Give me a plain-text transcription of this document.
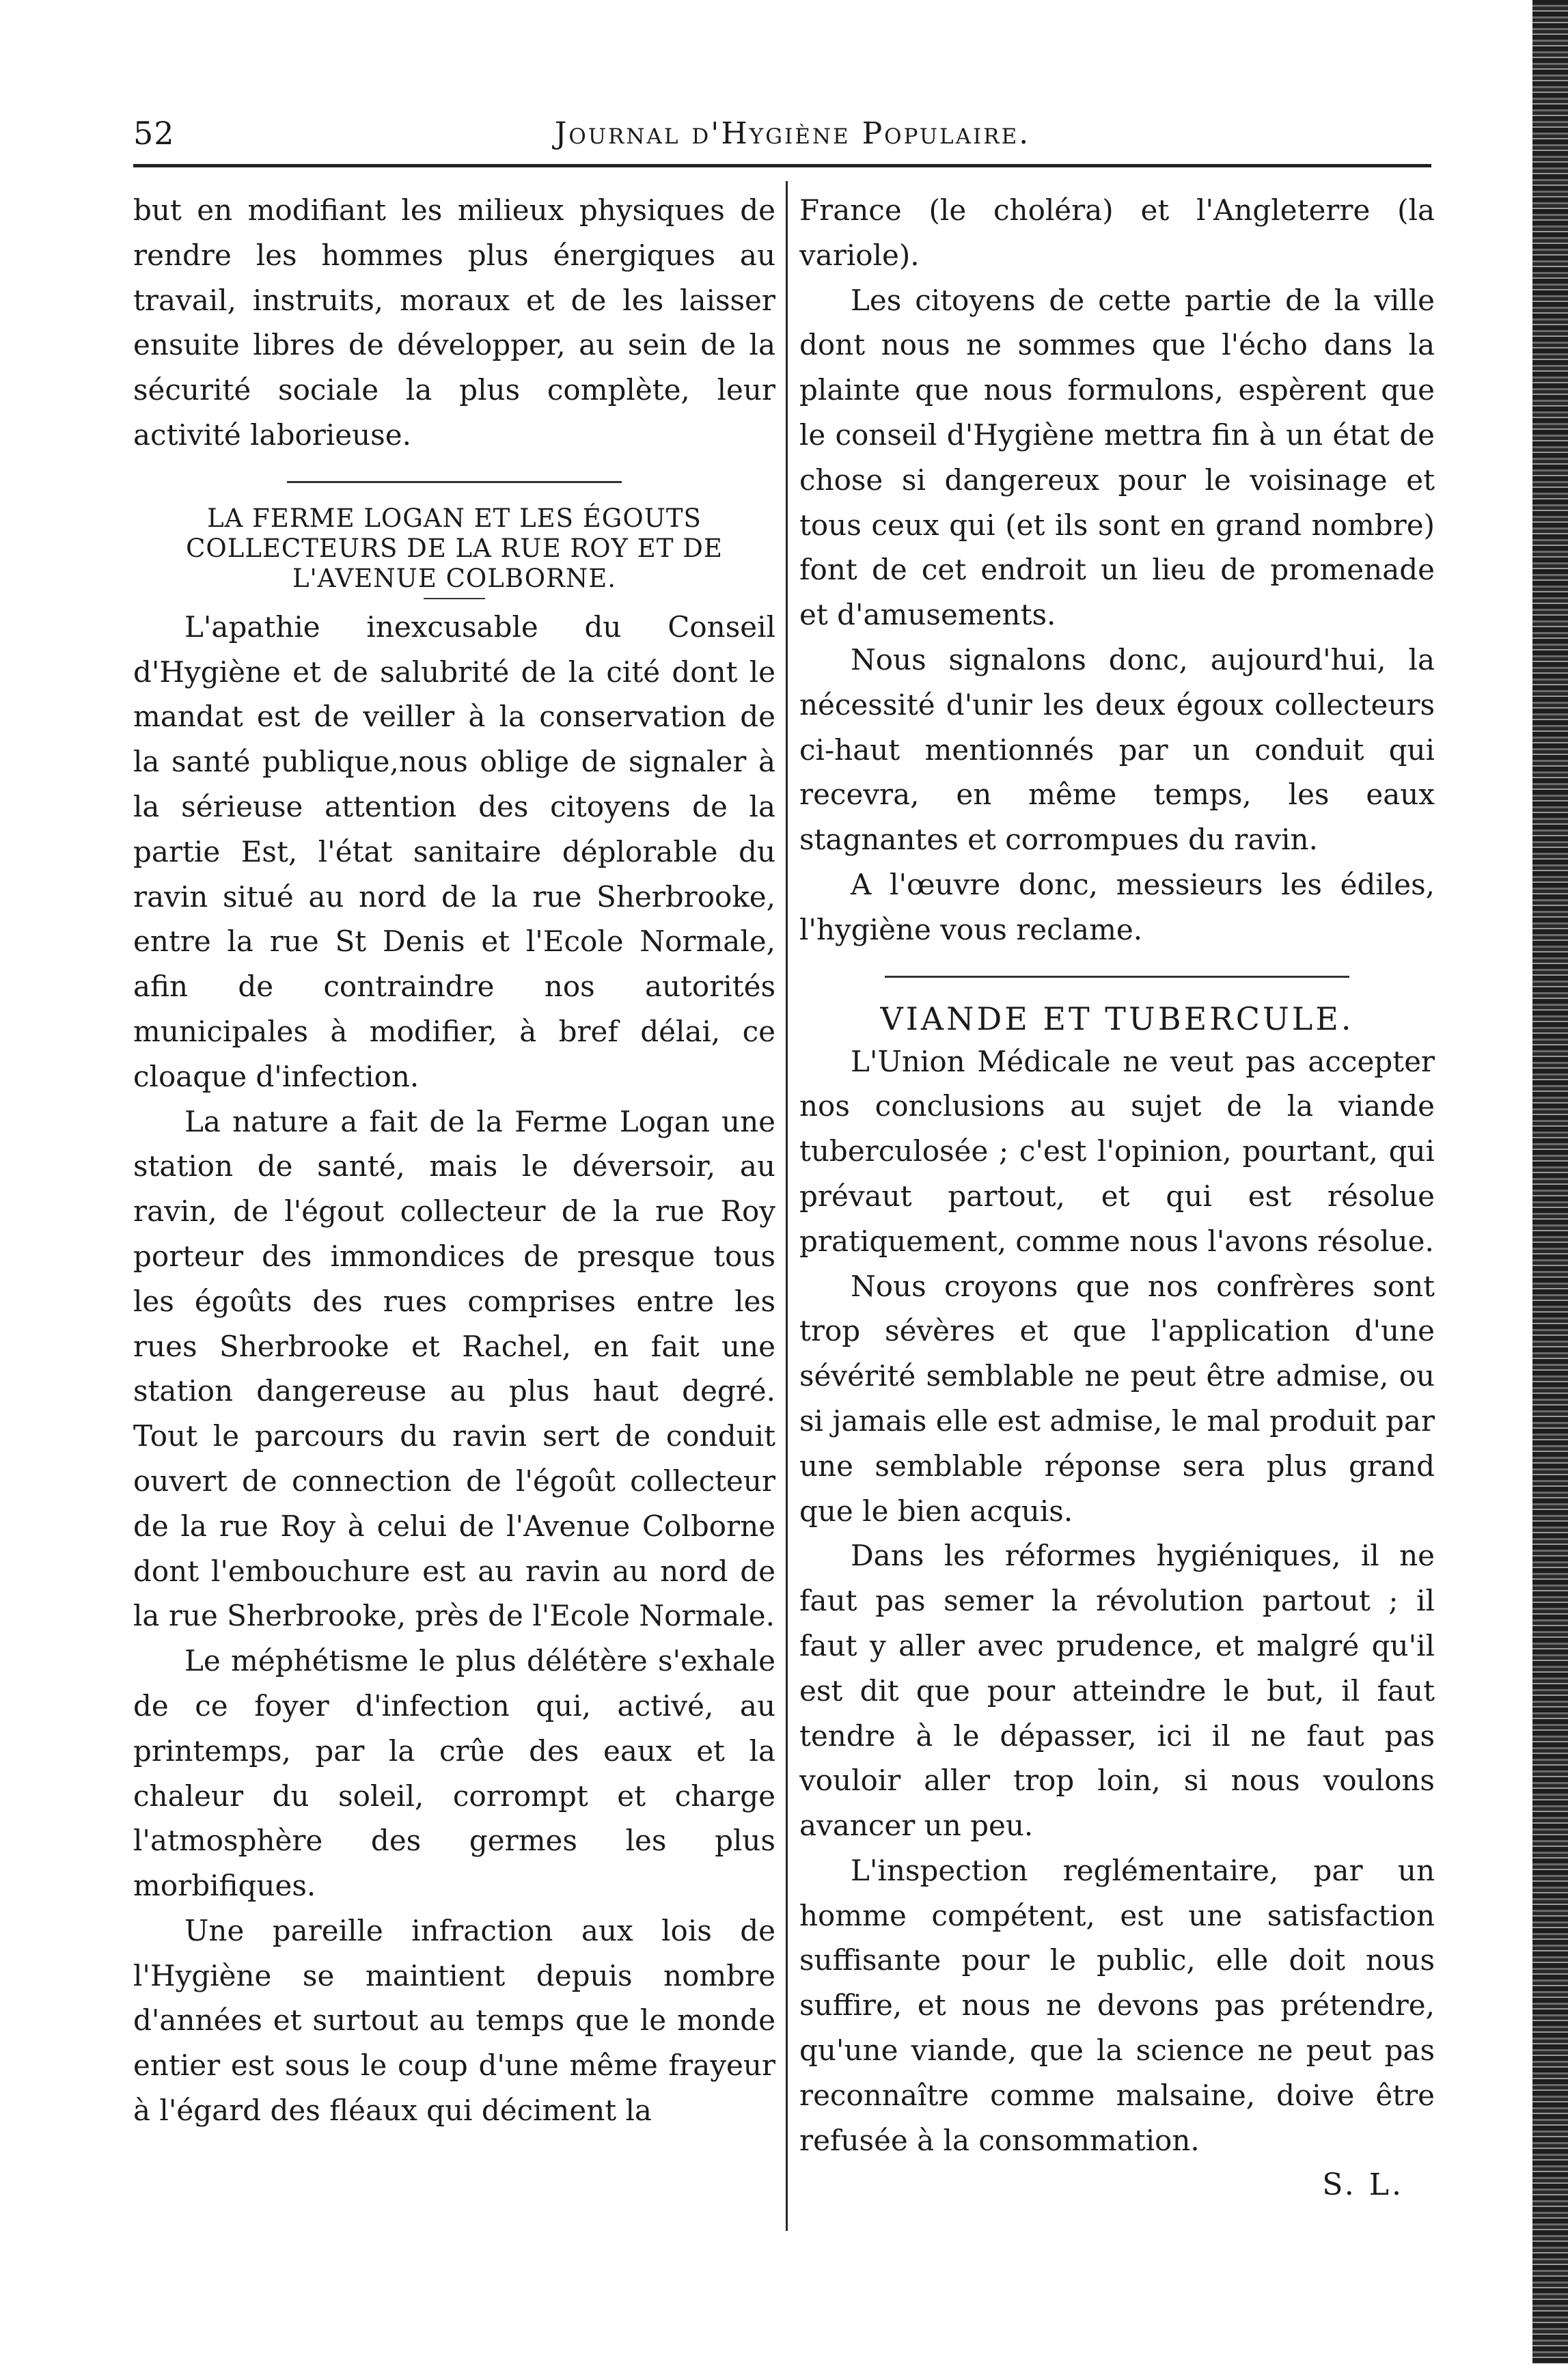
52	Journal d'Hygiène Populaire.

but en modifiant les milieux physiques de rendre les hommes plus énergiques au travail, instruits, moraux et de les laisser ensuite libres de développer, au sein de la sécurité sociale la plus complète, leur activité laborieuse.

LA FERME LOGAN ET LES ÉGOUTS COLLECTEURS DE LA RUE ROY ET DE L'AVENUE COLBORNE.

L'apathie inexcusable du Conseil d'Hygiène et de salubrité de la cité dont le mandat est de veiller à la conservation de la santé publique,nous oblige de signaler à la sérieuse attention des citoyens de la partie Est, l'état sanitaire déplorable du ravin situé au nord de la rue Sherbrooke, entre la rue St Denis et l'Ecole Normale, afin de contraindre nos autorités municipales à modifier, à bref délai, ce cloaque d'infection.

La nature a fait de la Ferme Logan une station de santé, mais le déversoir, au ravin, de l'égout collecteur de la rue Roy porteur des immondices de presque tous les égoûts des rues comprises entre les rues Sherbrooke et Rachel, en fait une station dangereuse au plus haut degré. Tout le parcours du ravin sert de conduit ouvert de connection de l'égoût collecteur de la rue Roy à celui de l'Avenue Colborne dont l'embouchure est au ravin au nord de la rue Sherbrooke, près de l'Ecole Normale.

Le méphétisme le plus délétère s'exhale de ce foyer d'infection qui, activé, au printemps, par la crûe des eaux et la chaleur du soleil, corrompt et charge l'atmosphère des germes les plus morbifiques.

Une pareille infraction aux lois de l'Hygiène se maintient depuis nombre d'années et surtout au temps que le monde entier est sous le coup d'une même frayeur à l'égard des fléaux qui déciment la

France (le choléra) et l'Angleterre (la variole).

Les citoyens de cette partie de la ville dont nous ne sommes que l'écho dans la plainte que nous formulons, espèrent que le conseil d'Hygiène mettra fin à un état de chose si dangereux pour le voisinage et tous ceux qui (et ils sont en grand nombre) font de cet endroit un lieu de promenade et d'amusements.

Nous signalons donc, aujourd'hui, la nécessité d'unir les deux égoux collecteurs ci-haut mentionnés par un conduit qui recevra, en même temps, les eaux stagnantes et corrompues du ravin.

A l'œuvre donc, messieurs les édiles, l'hygiène vous reclame.

VIANDE ET TUBERCULE.

L'Union Médicale ne veut pas accepter nos conclusions au sujet de la viande tuberculosée ; c'est l'opinion, pourtant, qui prévaut partout, et qui est résolue pratiquement, comme nous l'avons résolue.

Nous croyons que nos confrères sont trop sévères et que l'application d'une sévérité semblable ne peut être admise, ou si jamais elle est admise, le mal produit par une semblable réponse sera plus grand que le bien acquis.

Dans les réformes hygiéniques, il ne faut pas semer la révolution partout ; il faut y aller avec prudence, et malgré qu'il est dit que pour atteindre le but, il faut tendre à le dépasser, ici il ne faut pas vouloir aller trop loin, si nous voulons avancer un peu.

L'inspection reglémentaire, par un homme compétent, est une satisfaction suffisante pour le public, elle doit nous suffire, et nous ne devons pas prétendre, qu'une viande, que la science ne peut pas reconnaître comme malsaine, doive être refusée à la consommation.

S. L.
